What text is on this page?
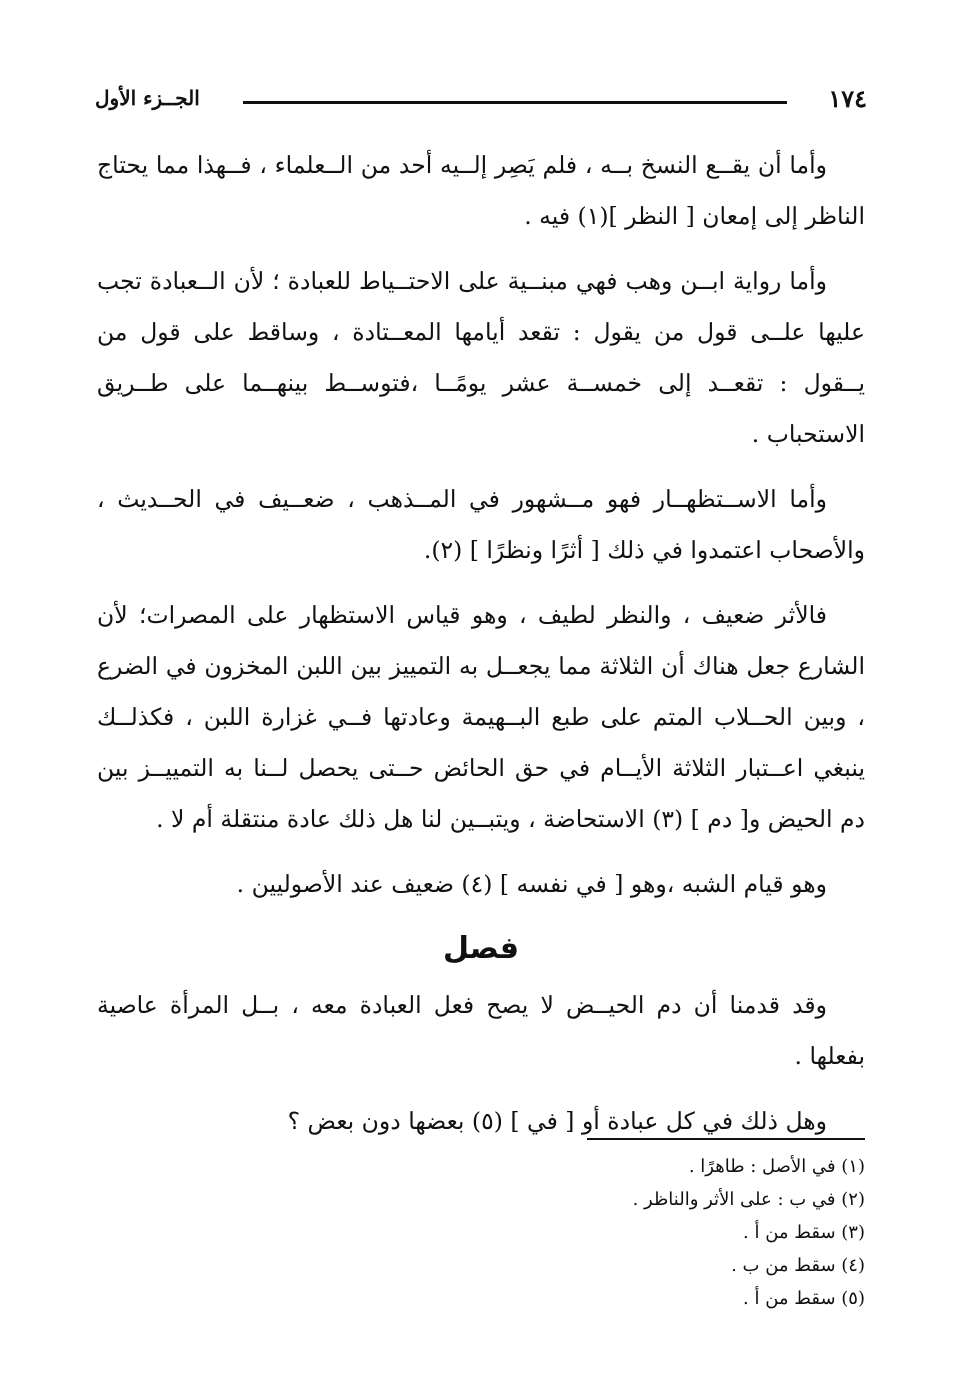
١٧٤
الجــزء الأول

وأما أن يقــع النسخ بــه ، فلم يَصِر إلــيه أحد من الــعلماء ، فــهذا مما يحتاج الناظر إلى إمعان [ النظر ](١) فيه .

وأما رواية ابــن وهب فهي مبنــية على الاحتــياط للعبادة ؛ لأن الــعبادة تجب عليها علــى قول من يقول : تقعد أيامها المعــتادة ، وساقط على قول من يــقول : تقعــد إلى خمســة عشر يومًــا ،فتوســط بينهــما على طــريق الاستحباب .

وأما الاســتظهــار فهو مــشهور في المــذهب ، ضعــيف في الحــديث ، والأصحاب اعتمدوا في ذلك [ أثرًا ونظرًا ] (٢).

فالأثر ضعيف ، والنظر لطيف ، وهو قياس الاستظهار على المصرات؛ لأن الشارع جعل هناك أن الثلاثة مما يجعــل به التمييز بين اللبن المخزون في الضرع ، وبين الحــلاب المتم على طبع البــهيمة وعادتها فــي غزارة اللبن ، فكذلــك ينبغي اعــتبار الثلاثة الأيــام في حق الحائض حــتى يحصل لــنا به التمييــز بين دم الحيض و[ دم ] (٣) الاستحاضة ، ويتبــين لنا هل ذلك عادة منتقلة أم لا .

وهو قيام الشبه ،وهو [ في نفسه ] (٤) ضعيف عند الأصوليين .

فصل

وقد قدمنا أن دم الحيــض لا يصح فعل العبادة معه ، بــل المرأة عاصية بفعلها .

وهل ذلك في كل عبادة أو [ في ] (٥) بعضها دون بعض ؟

(١) في الأصل : طاهرًا .
(٢) في ب : على الأثر والناظر .
(٣) سقط من أ .
(٤) سقط من ب .
(٥) سقط من أ .
